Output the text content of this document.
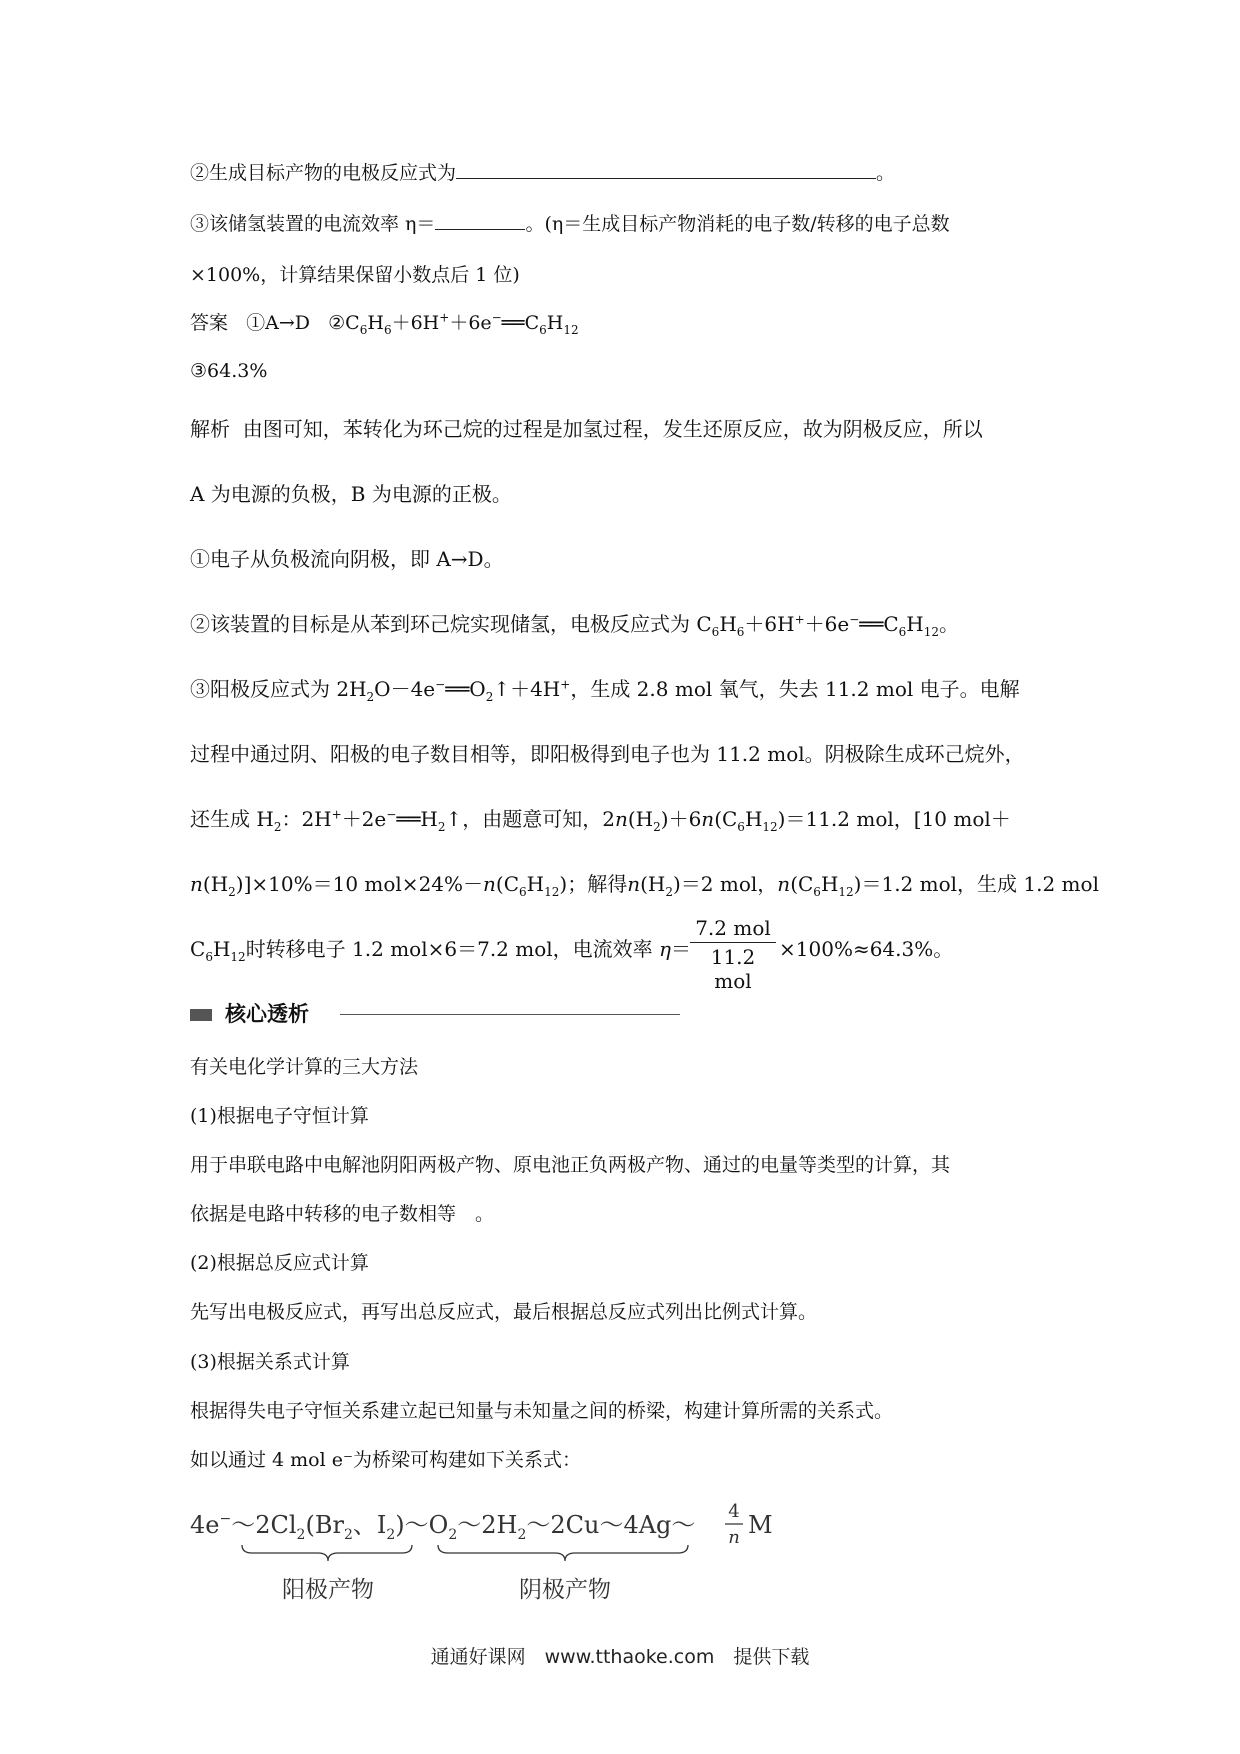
②生成目标产物的电极反应式为	。
③该储氢装置的电流效率 η＝	。(η＝生成目标产物消耗的电子数/转移的电子总数
×100%，计算结果保留小数点后 1 位)
答案 ①A→D $②C_6H_6+6H^++6e^-══C_6H_{12}$
③64.3%
解析 由图可知，苯转化为环己烷的过程是加氢过程，发生还原反应，故为阴极反应，所以
A 为电源的负极，B 为电源的正极。
①电子从负极流向阴极，即 A→D。
②该装置的目标是从苯到环己烷实现储氢，电极反应式为 $C_6H_6+6H^++6e^-══C_6H_{12}$。
③阳极反应式为 $2H_2O-4e^-══O_2↑+4H^+$，生成 2.8 mol 氧气，失去 11.2 mol 电子。电解
过程中通过阴、阳极的电子数目相等，即阳极得到电子也为 11.2 mol。阴极除生成环己烷外，
还生成 $H_2$：$2H^++2e^-══H_2↑$，由题意可知，$2n(H_2)+6n(C_6H_{12})=11.2$ mol，[10 mol＋
$n(H_2)]\times 10\%=10$ $mol\times 24\%-n(C_6H_{12})$；解得$n(H_2)=2$ mol，$n(C_6H_{12})=1.2$ mol，生成 1.2 mol
$C_6H_{12}$时转移电子 1.2 mol×6＝7.2 mol，电流效率 η＝	×100%≈64.3%。
7.2 mol
11.2 mol
核心透析
有关电化学计算的三大方法
(1)根据电子守恒计算
用于串联电路中电解池阴阳两极产物、原电池正负两极产物、通过的电量等类型的计算，其
依据是电路中转移的电子数相等　。
(2)根据总反应式计算
先写出电极反应式，再写出总反应式，最后根据总反应式列出比例式计算。
(3)根据关系式计算
根据得失电子守恒关系建立起已知量与未知量之间的桥梁，构建计算所需的关系式。
如以通过 4 mol e⁻为桥梁可构建如下关系式：
$4e^-\sim 2Cl_2(Br_2$、$I_2)\sim O_2\sim 2H_2\sim 2Cu\sim 4Ag\sim$ 4
n M
阳极产物	阴极产物
通通好课网　www.tthaoke.com　提供下载
